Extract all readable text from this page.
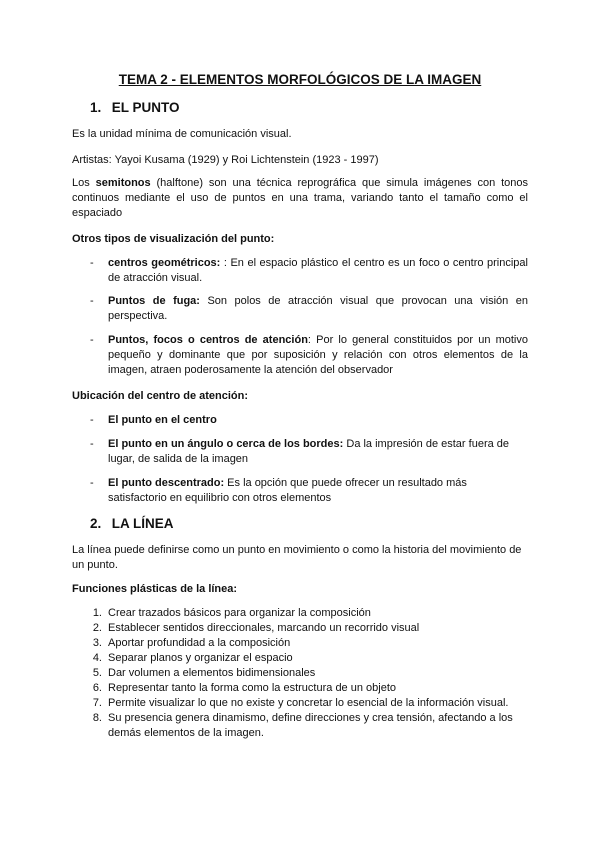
TEMA 2 - ELEMENTOS MORFOLÓGICOS DE LA IMAGEN
1. EL PUNTO
Es la unidad mínima de comunicación visual.
Artistas: Yayoi Kusama (1929) y Roi Lichtenstein (1923 - 1997)
Los semitonos (halftone) son una técnica reprográfica que simula imágenes con tonos continuos mediante el uso de puntos en una trama, variando tanto el tamaño como el espaciado
Otros tipos de visualización del punto:
- centros geométricos: : En el espacio plástico el centro es un foco o centro principal de atracción visual.
- Puntos de fuga: Son polos de atracción visual que provocan una visión en perspectiva.
- Puntos, focos o centros de atención: Por lo general constituidos por un motivo pequeño y dominante que por suposición y relación con otros elementos de la imagen, atraen poderosamente la atención del observador
Ubicación del centro de atención:
- El punto en el centro
- El punto en un ángulo o cerca de los bordes: Da la impresión de estar fuera de lugar, de salida de la imagen
- El punto descentrado: Es la opción que puede ofrecer un resultado más satisfactorio en equilibrio con otros elementos
2. LA LÍNEA
La línea puede definirse como un punto en movimiento o como la historia del movimiento de un punto.
Funciones plásticas de la línea:
1. Crear trazados básicos para organizar la composición
2. Establecer sentidos direccionales, marcando un recorrido visual
3. Aportar profundidad a la composición
4. Separar planos y organizar el espacio
5. Dar volumen a elementos bidimensionales
6. Representar tanto la forma como la estructura de un objeto
7. Permite visualizar lo que no existe y concretar lo esencial de la información visual.
8. Su presencia genera dinamismo, define direcciones y crea tensión, afectando a los demás elementos de la imagen.
